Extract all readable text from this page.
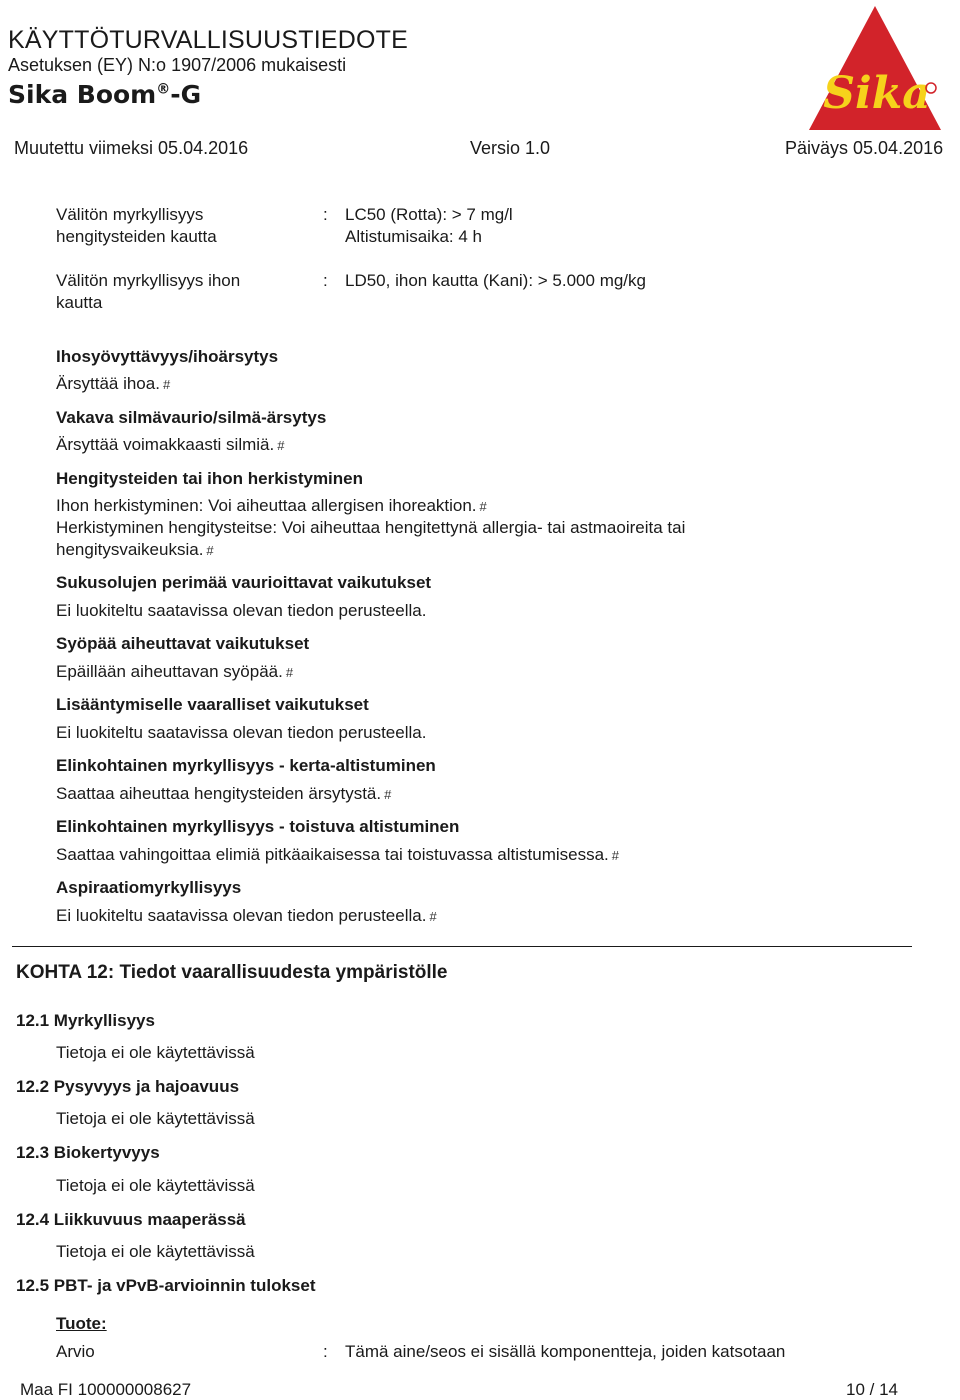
KÄYTTÖTURVALLISUUSTIEDOTE
Asetuksen (EY) N:o 1907/2006 mukaisesti
Sika Boom®-G	Sika
Muutettu viimeksi 05.04.2016	Versio 1.0	Päiväys 05.04.2016
Välitön myrkyllisyys
hengitysteiden kautta
: LC50 (Rotta): > 7 mg/l
Altistumisaika: 4 h
Välitön myrkyllisyys ihon
kautta
: LD50, ihon kautta (Kani): > 5.000 mg/kg
Ihosyövyttävyys/ihoärsytys
Ärsyttää ihoa. #
Vakava silmävaurio/silmä-ärsytys
Ärsyttää voimakkaasti silmiä. #
Hengitysteiden tai ihon herkistyminen
Ihon herkistyminen: Voi aiheuttaa allergisen ihoreaktion. #
Herkistyminen hengitysteitse: Voi aiheuttaa hengitettynä allergia- tai astmaoireita tai
hengitysvaikeuksia. #
Sukusolujen perimää vaurioittavat vaikutukset
Ei luokiteltu saatavissa olevan tiedon perusteella.
Syöpää aiheuttavat vaikutukset
Epäillään aiheuttavan syöpää. #
Lisääntymiselle vaaralliset vaikutukset
Ei luokiteltu saatavissa olevan tiedon perusteella.
Elinkohtainen myrkyllisyys - kerta-altistuminen
Saattaa aiheuttaa hengitysteiden ärsytystä. #
Elinkohtainen myrkyllisyys - toistuva altistuminen
Saattaa vahingoittaa elimiä pitkäaikaisessa tai toistuvassa altistumisessa. #
Aspiraatiomyrkyllisyys
Ei luokiteltu saatavissa olevan tiedon perusteella. #
KOHTA 12: Tiedot vaarallisuudesta ympäristölle
12.1 Myrkyllisyys
Tietoja ei ole käytettävissä
12.2 Pysyvyys ja hajoavuus
Tietoja ei ole käytettävissä
12.3 Biokertyvyys
Tietoja ei ole käytettävissä
12.4 Liikkuvuus maaperässä
Tietoja ei ole käytettävissä
12.5 PBT- ja vPvB-arvioinnin tulokset
Tuote:
Arvio	: Tämä aine/seos ei sisällä komponentteja, joiden katsotaan
Maa FI 100000008627	10 / 14
